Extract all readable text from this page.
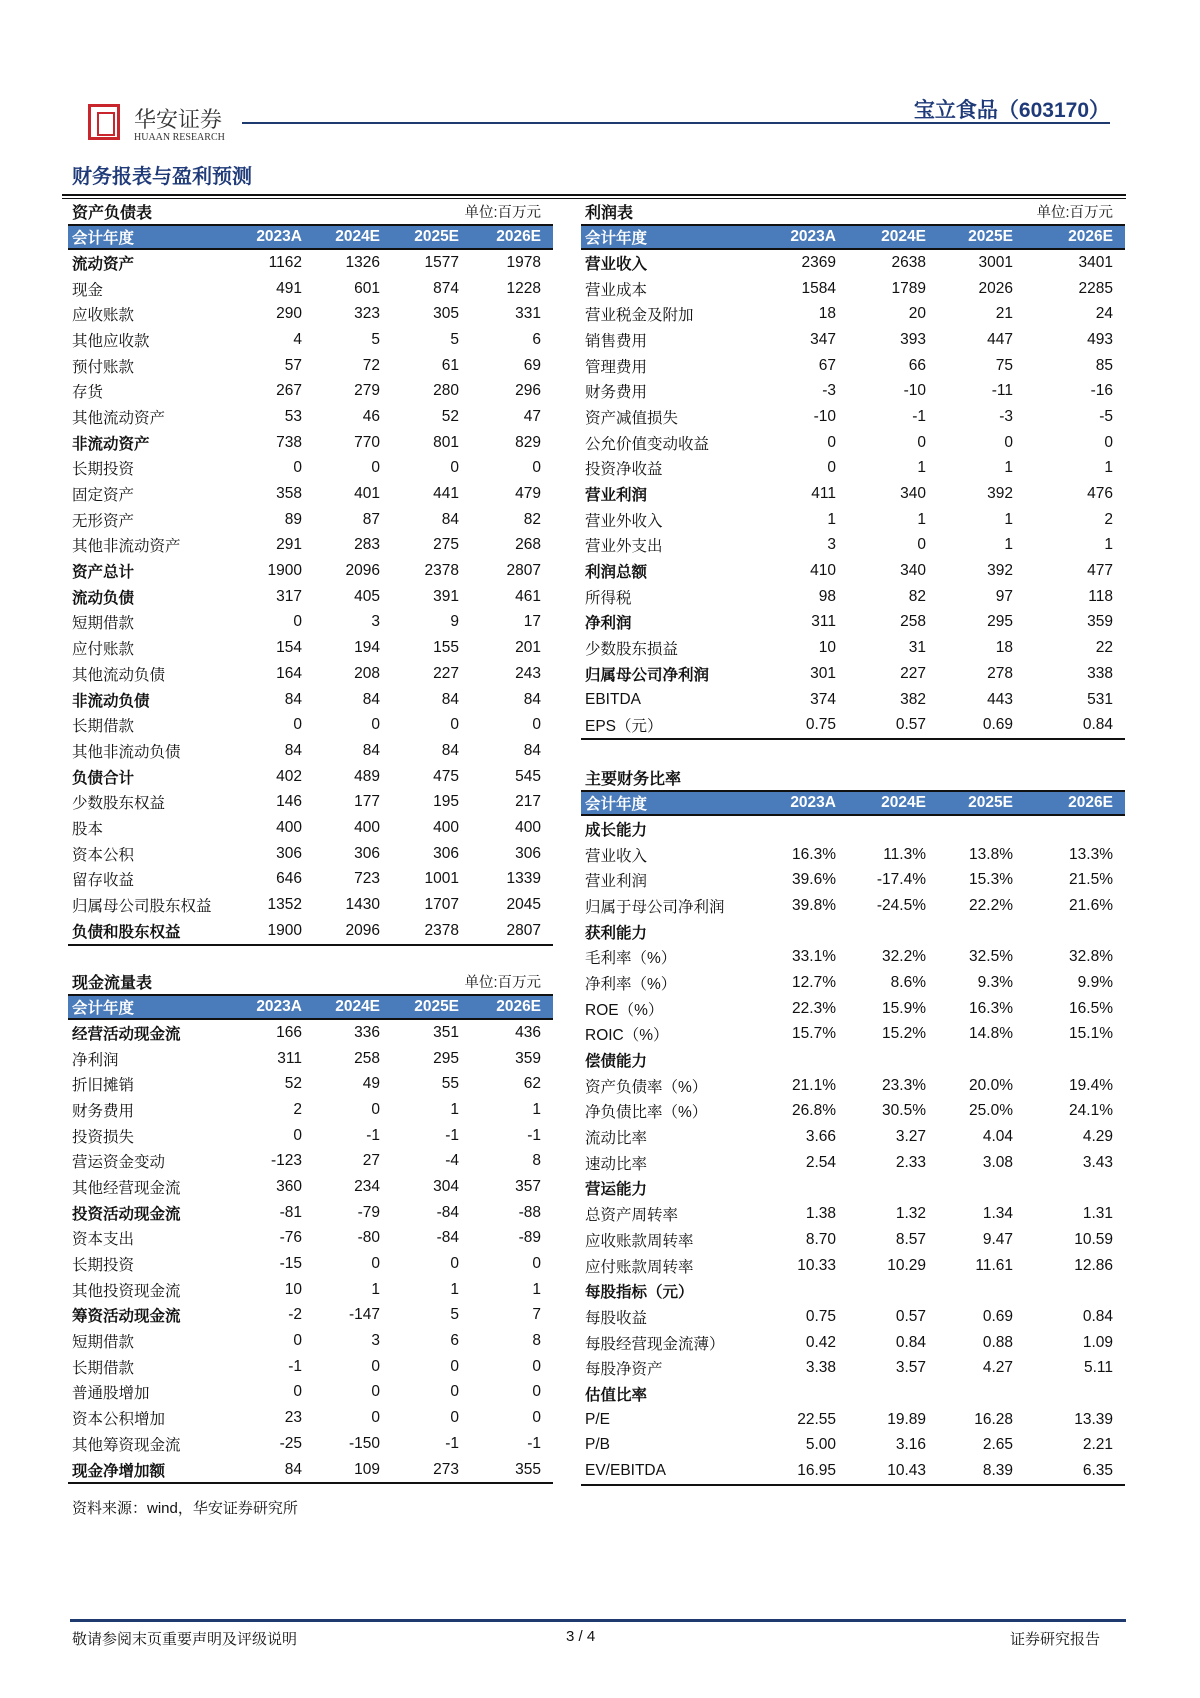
华安证券
HUAAN RESEARCH
宝立食品（603170）
财务报表与盈利预测
资产负债表			单位:百万元	
会计年度	2023A	2024E	2025E	2026E
流动资产	1162	1326	1577	1978
现金	491	601	874	1228
应收账款	290	323	305	331
其他应收款	4	5	5	6
预付账款	57	72	61	69
存货	267	279	280	296
其他流动资产	53	46	52	47
非流动资产	738	770	801	829
长期投资	0	0	0	0
固定资产	358	401	441	479
无形资产	89	87	84	82
其他非流动资产	291	283	275	268
资产总计	1900	2096	2378	2807
流动负债	317	405	391	461
短期借款	0	3	9	17
应付账款	154	194	155	201
其他流动负债	164	208	227	243
非流动负债	84	84	84	84
长期借款	0	0	0	0
其他非流动负债	84	84	84	84
负债合计	402	489	475	545
少数股东权益	146	177	195	217
股本	400	400	400	400
资本公积	306	306	306	306
留存收益	646	723	1001	1339
归属母公司股东权益	1352	1430	1707	2045
负债和股东权益	1900	2096	2378	2807
现金流量表			单位:百万元	
会计年度	2023A	2024E	2025E	2026E
经营活动现金流	166	336	351	436
净利润	311	258	295	359
折旧摊销	52	49	55	62
财务费用	2	0	1	1
投资损失	0	-1	-1	-1
营运资金变动	-123	27	-4	8
其他经营现金流	360	234	304	357
投资活动现金流	-81	-79	-84	-88
资本支出	-76	-80	-84	-89
长期投资	-15	0	0	0
其他投资现金流	10	1	1	1
筹资活动现金流	-2	-147	5	7
短期借款	0	3	6	8
长期借款	-1	0	0	0
普通股增加	0	0	0	0
资本公积增加	23	0	0	0
其他筹资现金流	-25	-150	-1	-1
现金净增加额	84	109	273	355
利润表			单位:百万元	
会计年度	2023A	2024E	2025E	2026E
营业收入	2369	2638	3001	3401
营业成本	1584	1789	2026	2285
营业税金及附加	18	20	21	24
销售费用	347	393	447	493
管理费用	67	66	75	85
财务费用	-3	-10	-11	-16
资产减值损失	-10	-1	-3	-5
公允价值变动收益	0	0	0	0
投资净收益	0	1	1	1
营业利润	411	340	392	476
营业外收入	1	1	1	2
营业外支出	3	0	1	1
利润总额	410	340	392	477
所得税	98	82	97	118
净利润	311	258	295	359
少数股东损益	10	31	18	22
归属母公司净利润	301	227	278	338
EBITDA	374	382	443	531
EPS（元）	0.75	0.57	0.69	0.84
主要财务比率				
会计年度	2023A	2024E	2025E	2026E
成长能力				
营业收入	16.3%	11.3%	13.8%	13.3%
营业利润	39.6%	-17.4%	15.3%	21.5%
归属于母公司净利润	39.8%	-24.5%	22.2%	21.6%
获利能力				
毛利率（%）	33.1%	32.2%	32.5%	32.8%
净利率（%）	12.7%	8.6%	9.3%	9.9%
ROE（%）	22.3%	15.9%	16.3%	16.5%
ROIC（%）	15.7%	15.2%	14.8%	15.1%
偿债能力				
资产负债率（%）	21.1%	23.3%	20.0%	19.4%
净负债比率（%）	26.8%	30.5%	25.0%	24.1%
流动比率	3.66	3.27	4.04	4.29
速动比率	2.54	2.33	3.08	3.43
营运能力				
总资产周转率	1.38	1.32	1.34	1.31
应收账款周转率	8.70	8.57	9.47	10.59
应付账款周转率	10.33	10.29	11.61	12.86
每股指标（元）				
每股收益	0.75	0.57	0.69	0.84
每股经营现金流薄）	0.42	0.84	0.88	1.09
每股净资产	3.38	3.57	4.27	5.11
估值比率				
P/E	22.55	19.89	16.28	13.39
P/B	5.00	3.16	2.65	2.21
EV/EBITDA	16.95	10.43	8.39	6.35
资料来源：wind，华安证券研究所
敬请参阅末页重要声明及评级说明	3 / 4	证券研究报告
